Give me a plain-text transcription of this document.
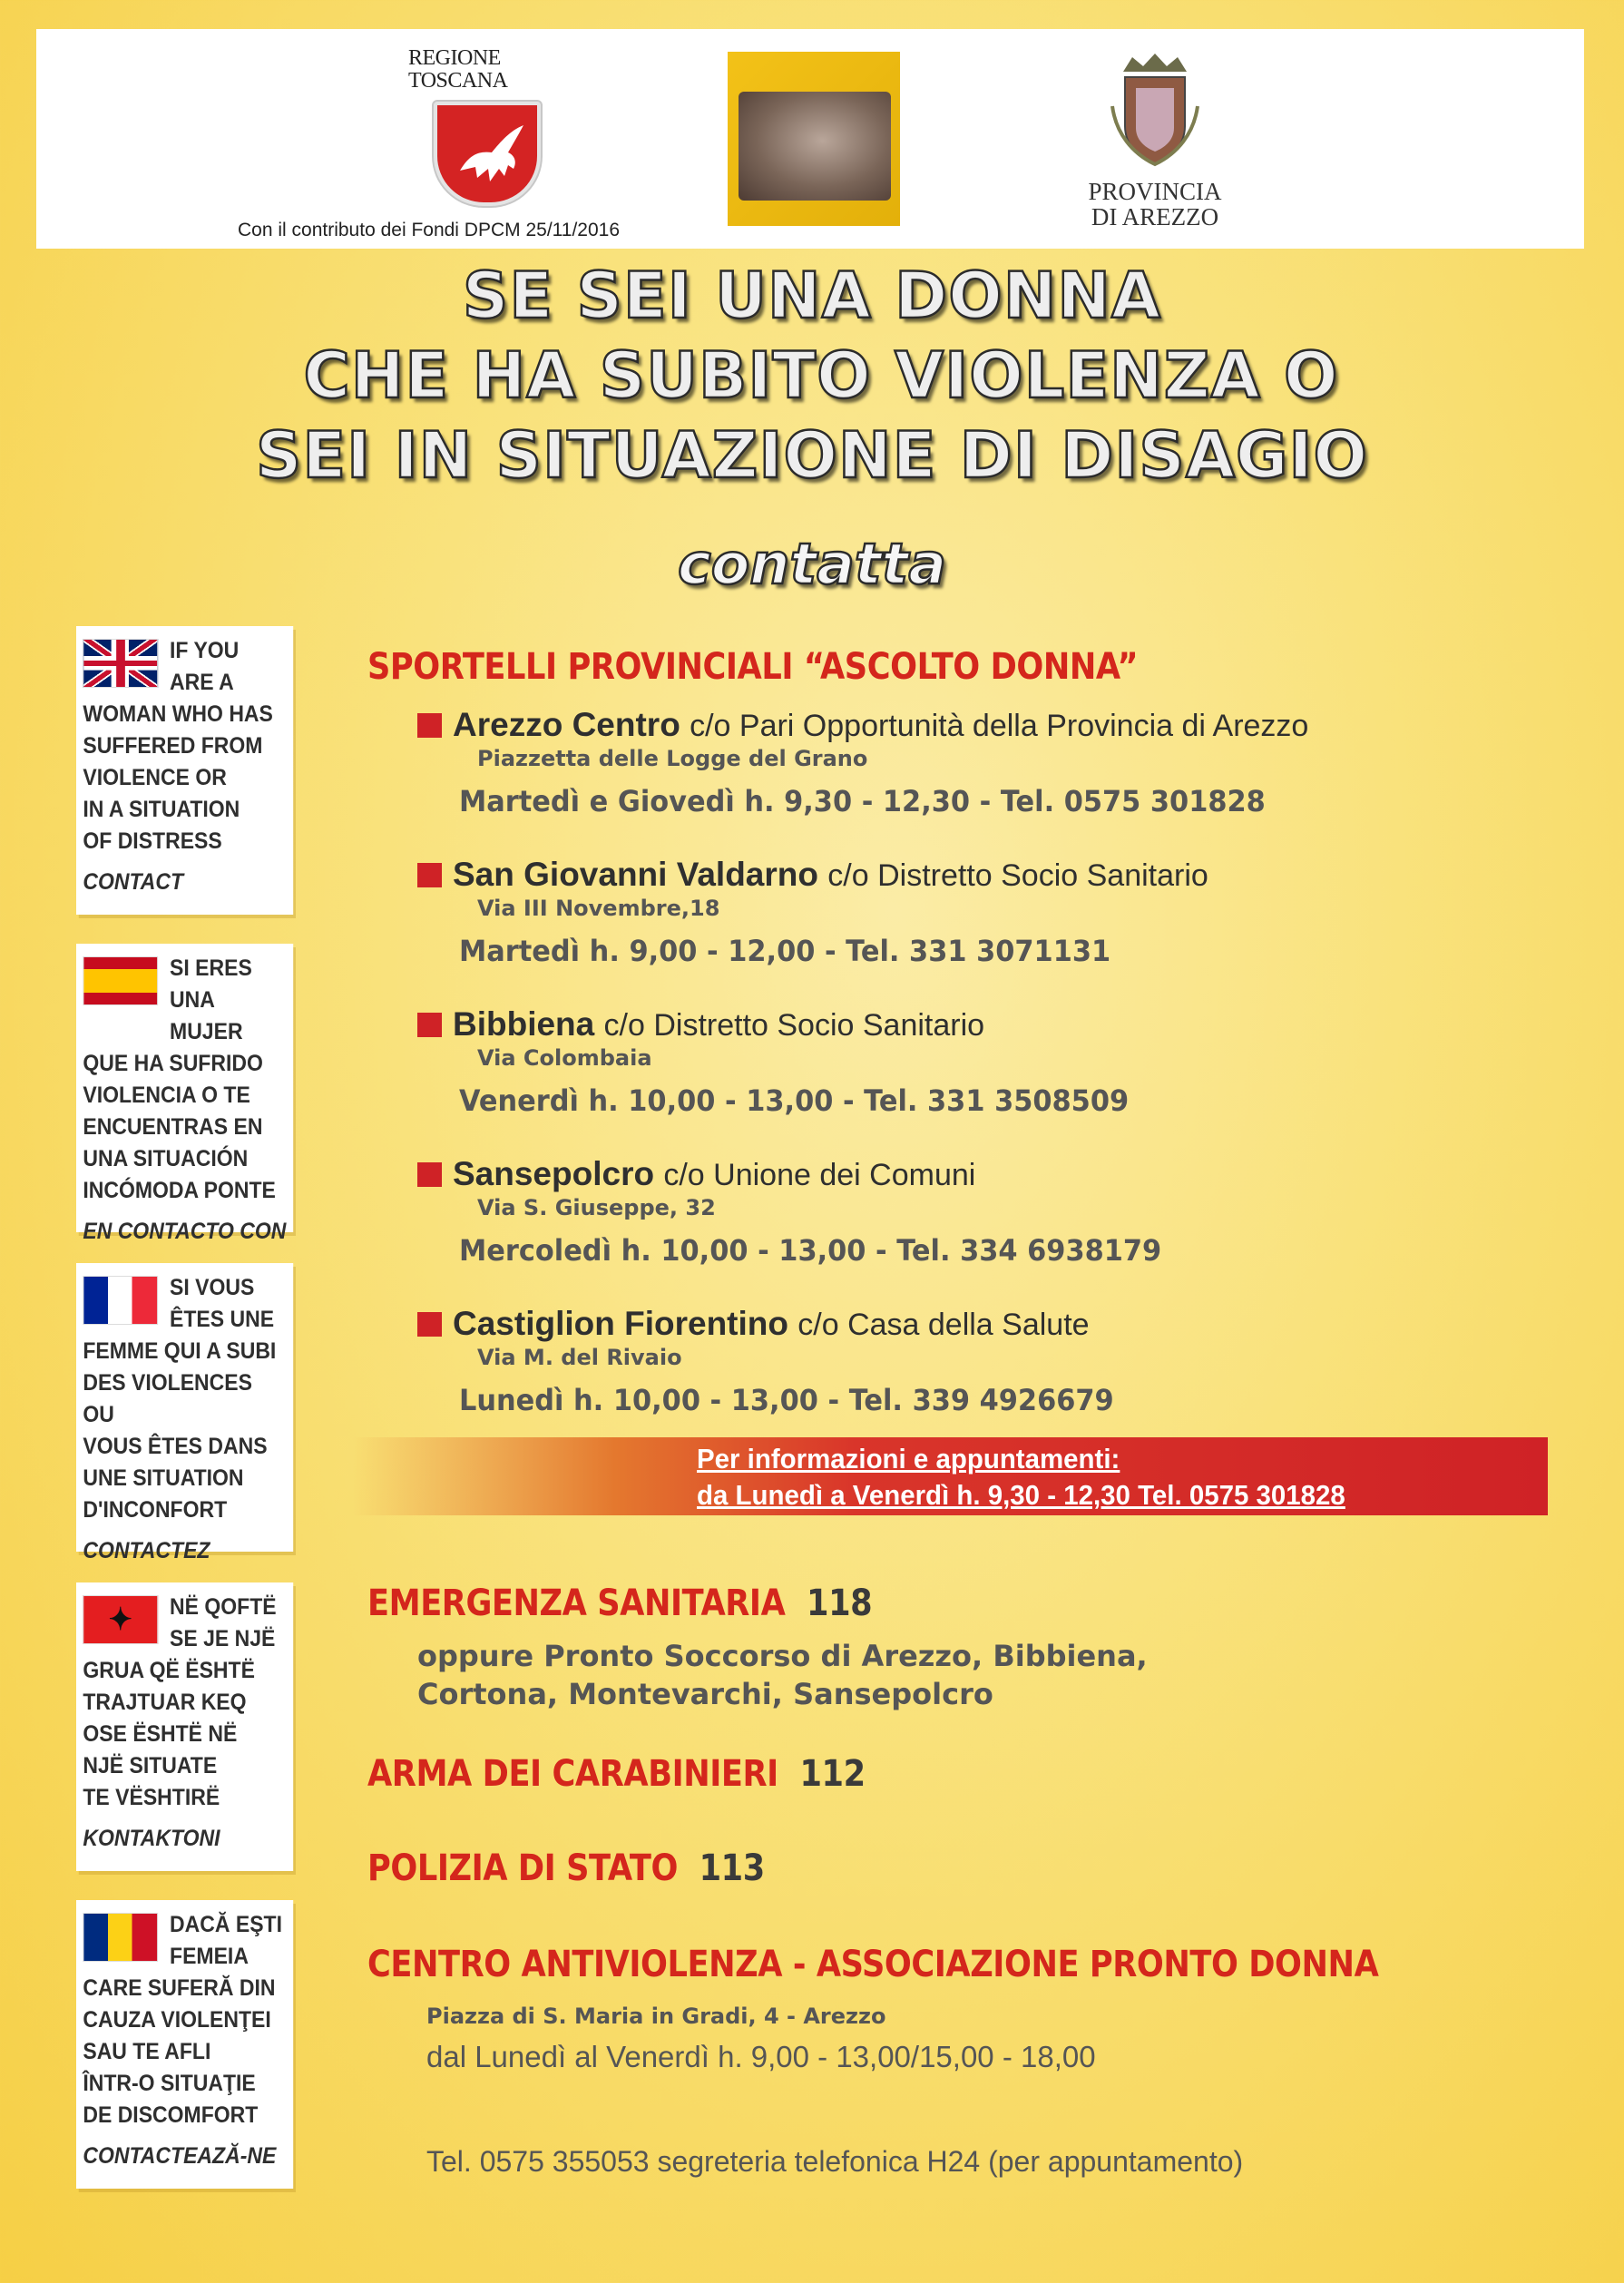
REGIONE
TOSCANA
Con il contributo dei Fondi DPCM 25/11/2016
PROVINCIA
DI AREZZO
SE SEI UNA DONNA
CHE HA SUBITO VIOLENZA O
SEI IN SITUAZIONE DI DISAGIO
contatta
IF YOU
ARE A
WOMAN WHO HAS
SUFFERED FROM
VIOLENCE OR
IN A SITUATION
OF DISTRESS
CONTACT
SI ERES
UNA MUJER
QUE HA SUFRIDO
VIOLENCIA O TE
ENCUENTRAS EN
UNA SITUACIÓN
INCÓMODA PONTE
EN CONTACTO CON
SI VOUS
ÊTES UNE
FEMME QUI A SUBI
DES VIOLENCES OU
VOUS ÊTES DANS
UNE SITUATION
D'INCONFORT
CONTACTEZ
✦
NË QOFTË
SE JE NJË
GRUA QË ËSHTË
TRAJTUAR KEQ
OSE ËSHTË NË
NJË SITUATE
TE VËSHTIRË
KONTAKTONI
DACĂ EŞTI
FEMEIA
CARE SUFERĂ DIN
CAUZA VIOLENŢEI
SAU TE AFLI
ÎNTR-O SITUAŢIE
DE DISCOMFORT
CONTACTEAZĂ-NE
SPORTELLI PROVINCIALI “ASCOLTO DONNA”
Arezzo Centro c/o Pari Opportunità della Provincia di Arezzo
Piazzetta delle Logge del Grano
Martedì e Giovedì h. 9,30 - 12,30 - Tel. 0575 301828
San Giovanni Valdarno c/o Distretto Socio Sanitario
Via III Novembre,18
Martedì h. 9,00 - 12,00 - Tel. 331 3071131
Bibbiena c/o Distretto Socio Sanitario
Via Colombaia
Venerdì h. 10,00 - 13,00 - Tel. 331 3508509
Sansepolcro c/o Unione dei Comuni
Via S. Giuseppe, 32
Mercoledì h. 10,00 - 13,00 - Tel. 334 6938179
Castiglion Fiorentino c/o Casa della Salute
Via M. del Rivaio
Lunedì h. 10,00 - 13,00 - Tel. 339 4926679
Per informazioni e appuntamenti:
da Lunedì a Venerdì h. 9,30 - 12,30 Tel. 0575 301828
EMERGENZA SANITARIA 118
oppure Pronto Soccorso di Arezzo, Bibbiena,
Cortona, Montevarchi, Sansepolcro
ARMA DEI CARABINIERI 112
POLIZIA DI STATO 113
CENTRO ANTIVIOLENZA - ASSOCIAZIONE PRONTO DONNA
Piazza di S. Maria in Gradi, 4 - Arezzo
dal Lunedì al Venerdì h. 9,00 - 13,00/15,00 - 18,00
Tel. 0575 355053 segreteria telefonica H24 (per appuntamento)
